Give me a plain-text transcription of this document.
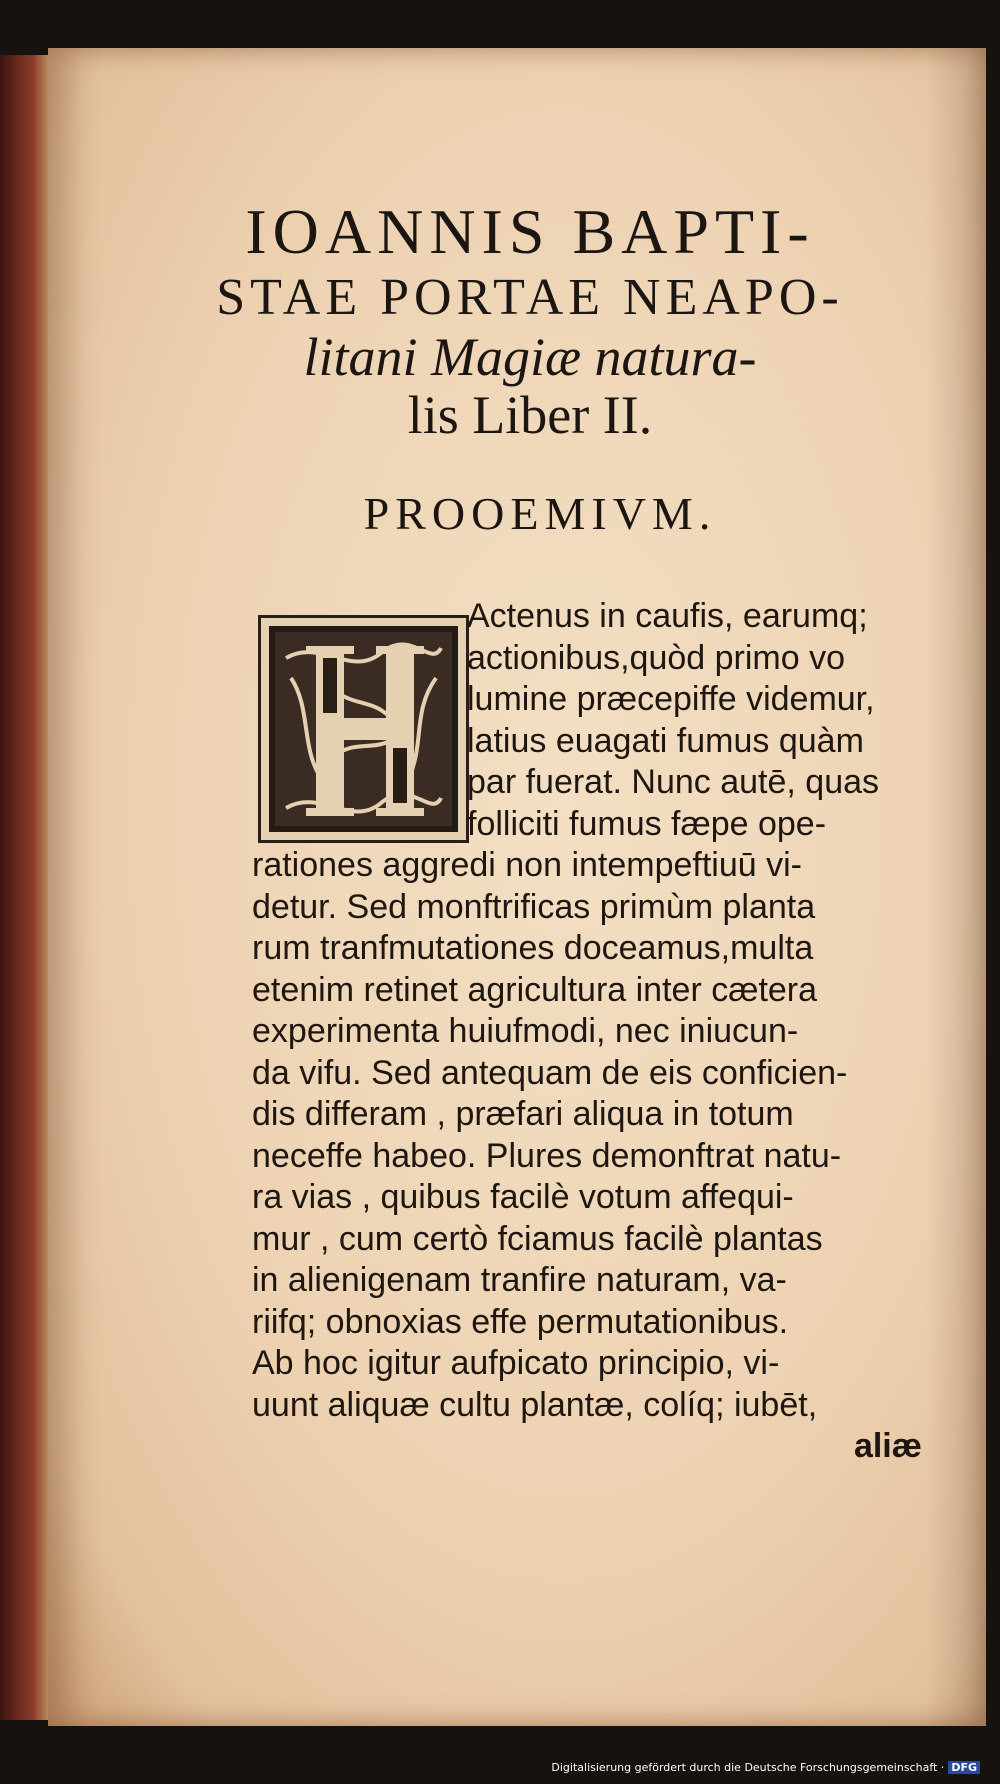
IOANNIS BAPTI-
STAE PORTAE NEAPO-
litani Magiæ natura-
lis Liber II.
PROOEMIVM.
Actenus in caufis, earumq;
actionibus,quòd primo vo
lumine præcepiffe videmur,
latius euagati fumus quàm
par fuerat. Nunc autē, quas
folliciti fumus fæpe ope-
rationes aggredi non intempeftiuū vi-
detur. Sed monftrificas primùm planta
rum tranfmutationes doceamus,multa
etenim retinet agricultura inter cætera
experimenta huiufmodi, nec iniucun-
da vifu. Sed antequam de eis conficien-
dis differam , præfari aliqua in totum
neceffe habeo. Plures demonftrat natu-
ra vias , quibus facilè votum affequi-
mur , cum certò fciamus facilè plantas
in alienigenam tranfire naturam, va-
riifq; obnoxias effe permutationibus.
Ab hoc igitur aufpicato principio, vi-
uunt aliquæ cultu plantæ, colíq; iubēt,
aliæ
Digitalisierung gefördert durch die Deutsche Forschungsgemeinschaft · DFG
